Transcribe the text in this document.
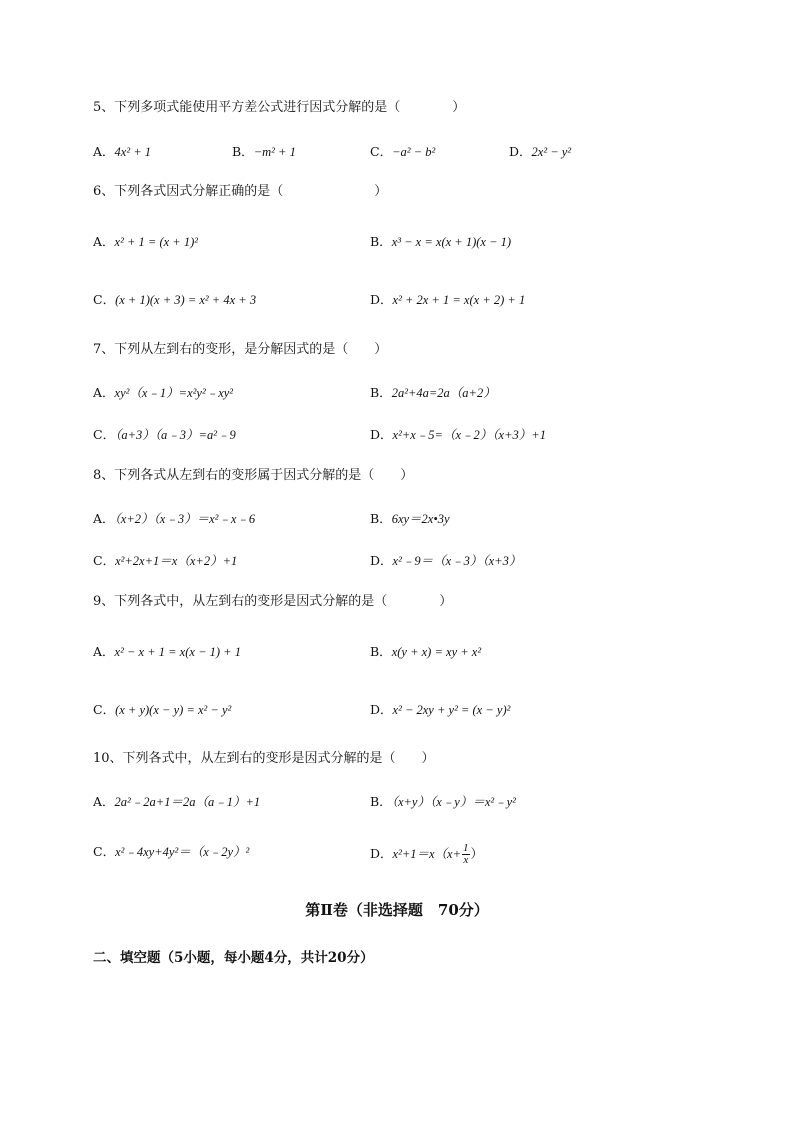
5、下列多项式能使用平方差公式进行因式分解的是（　　　　）
A．4x² + 1	B．−m² + 1	C．−a² − b²	D．2x² − y²
6、下列各式因式分解正确的是（　　　　　　　）
A．x² + 1 = (x + 1)²	B．x³ − x = x(x + 1)(x − 1)
C．(x + 1)(x + 3) = x² + 4x + 3	D．x² + 2x + 1 = x(x + 2) + 1
7、下列从左到右的变形，是分解因式的是（　　）
A．xy²（x﹣1）=x²y²﹣xy²	B．2a²+4a=2a（a+2）
C．（a+3）（a﹣3）=a²﹣9	D．x²+x﹣5=（x﹣2）（x+3）+1
8、下列各式从左到右的变形属于因式分解的是（　　）
A．（x+2）（x﹣3）＝x²﹣x﹣6	B．6xy＝2x•3y
C．x²+2x+1＝x（x+2）+1	D．x²﹣9＝（x﹣3）（x+3）
9、下列各式中，从左到右的变形是因式分解的是（　　　　）
A．x² − x + 1 = x(x − 1) + 1	B．x(y + x) = xy + x²
C．(x + y)(x − y) = x² − y²	D．x² − 2xy + y² = (x − y)²
10、下列各式中，从左到右的变形是因式分解的是（　　）
A．2a²﹣2a+1＝2a（a﹣1）+1	B．（x+y）（x﹣y）＝x²﹣y²
C．x²﹣4xy+4y²＝（x﹣2y）²	D．$x^2+1=x(x+ \frac{1}{x}$ ）
第Ⅱ卷（非选择题　70分）
二、填空题（5小题，每小题4分，共计20分）
